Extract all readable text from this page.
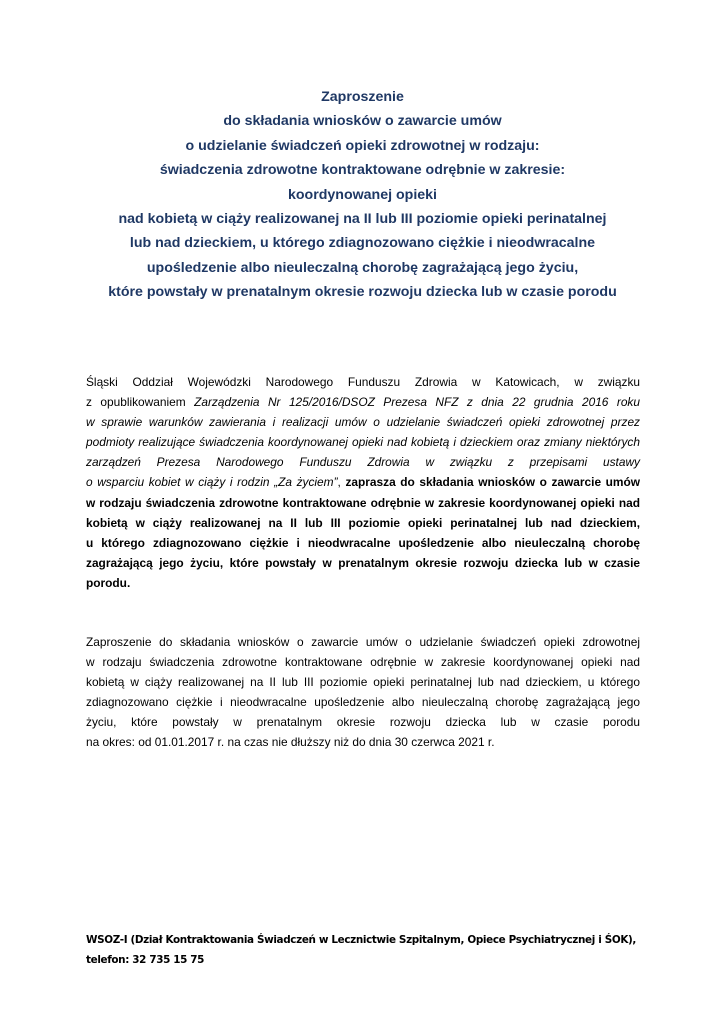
Zaproszenie
do składania wniosków o zawarcie umów
o udzielanie świadczeń opieki zdrowotnej w rodzaju:
świadczenia zdrowotne kontraktowane odrębnie w zakresie:
koordynowanej opieki
nad kobietą w ciąży realizowanej na II lub III poziomie opieki perinatalnej
lub nad dzieckiem, u którego zdiagnozowano ciężkie i nieodwracalne
upośledzenie albo nieuleczalną chorobę zagrażającą jego życiu,
które powstały w prenatalnym okresie rozwoju dziecka lub w czasie porodu
Śląski Oddział Wojewódzki Narodowego Funduszu Zdrowia w Katowicach, w związku
z opublikowaniem Zarządzenia Nr 125/2016/DSOZ Prezesa NFZ z dnia 22 grudnia 2016 roku
w sprawie warunków zawierania i realizacji umów o udzielanie świadczeń opieki zdrowotnej przez
podmioty realizujące świadczenia koordynowanej opieki nad kobietą i dzieckiem oraz zmiany niektórych
zarządzeń Prezesa Narodowego Funduszu Zdrowia w związku z przepisami ustawy
o wsparciu kobiet w ciąży i rodzin „Za życiem”, zaprasza do składania wniosków o zawarcie umów
w rodzaju świadczenia zdrowotne kontraktowane odrębnie w zakresie koordynowanej opieki nad
kobietą w ciąży realizowanej na II lub III poziomie opieki perinatalnej lub nad dzieckiem,
u którego zdiagnozowano ciężkie i nieodwracalne upośledzenie albo nieuleczalną chorobę
zagrażającą jego życiu, które powstały w prenatalnym okresie rozwoju dziecka lub w czasie
porodu.
Zaproszenie do składania wniosków o zawarcie umów o udzielanie świadczeń opieki zdrowotnej
w rodzaju świadczenia zdrowotne kontraktowane odrębnie w zakresie koordynowanej opieki nad
kobietą w ciąży realizowanej na II lub III poziomie opieki perinatalnej lub nad dzieckiem, u którego
zdiagnozowano ciężkie i nieodwracalne upośledzenie albo nieuleczalną chorobę zagrażającą jego
życiu, które powstały w prenatalnym okresie rozwoju dziecka lub w czasie porodu
na okres: od 01.01.2017 r. na czas nie dłuższy niż do dnia 30 czerwca 2021 r.
WSOZ-I (Dział Kontraktowania Świadczeń w Lecznictwie Szpitalnym, Opiece Psychiatrycznej i ŚOK),
telefon: 32 735 15 75
